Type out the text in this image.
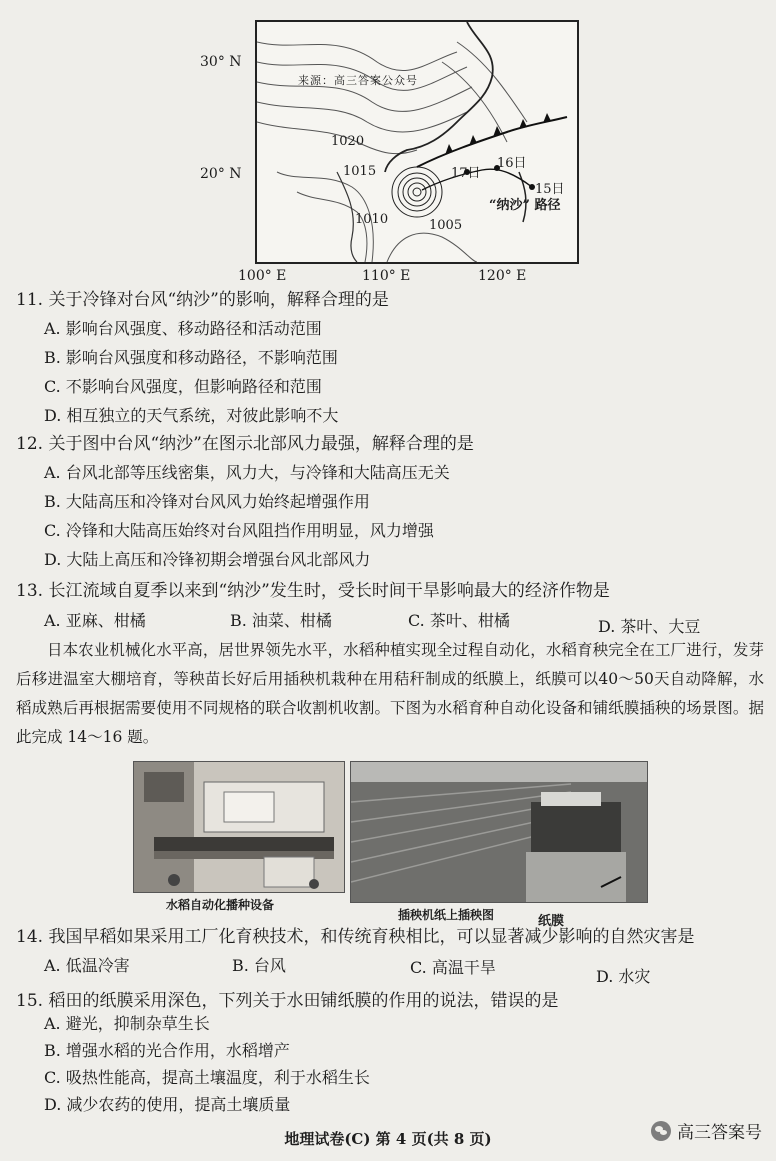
30° N
20° N
100° E	110° E	120° E
1020
1015
1010	1005
16日
17日
15日
“纳沙” 路径
来源：高三答案公众号
11. 关于冷锋对台风“纳沙”的影响，解释合理的是
A. 影响台风强度、移动路径和活动范围
B. 影响台风强度和移动路径，不影响范围
C. 不影响台风强度，但影响路径和范围
D. 相互独立的天气系统，对彼此影响不大
12. 关于图中台风“纳沙”在图示北部风力最强，解释合理的是
A. 台风北部等压线密集，风力大，与冷锋和大陆高压无关
B. 大陆高压和冷锋对台风风力始终起增强作用
C. 冷锋和大陆高压始终对台风阻挡作用明显，风力增强
D. 大陆上高压和冷锋初期会增强台风北部风力
13. 长江流域自夏季以来到“纳沙”发生时，受长时间干旱影响最大的经济作物是
A. 亚麻、柑橘	B. 油菜、柑橘	C. 茶叶、柑橘	D. 茶叶、大豆

日本农业机械化水平高，居世界领先水平，水稻种植实现全过程自动化，水稻育秧完全在工厂进行，发芽后移进温室大棚培育，等秧苗长好后用插秧机栽种在用秸秆制成的纸膜上，纸膜可以40～50天自动降解，水稻成熟后再根据需要使用不同规格的联合收割机收割。下图为水稻育种自动化设备和铺纸膜插秧的场景图。据此完成 14～16 题。

水稻自动化播种设备
插秧机纸上插秧图	纸膜
14. 我国早稻如果采用工厂化育秧技术，和传统育秧相比，可以显著减少影响的自然灾害是
A. 低温冷害	B. 台风	C. 高温干旱	D. 水灾
15. 稻田的纸膜采用深色，下列关于水田铺纸膜的作用的说法，错误的是
A. 避光，抑制杂草生长
B. 增强水稻的光合作用，水稻增产
C. 吸热性能高，提高土壤温度，利于水稻生长
D. 减少农药的使用，提高土壤质量
地理试卷(C) 第 4 页(共 8 页)	高三答案号
